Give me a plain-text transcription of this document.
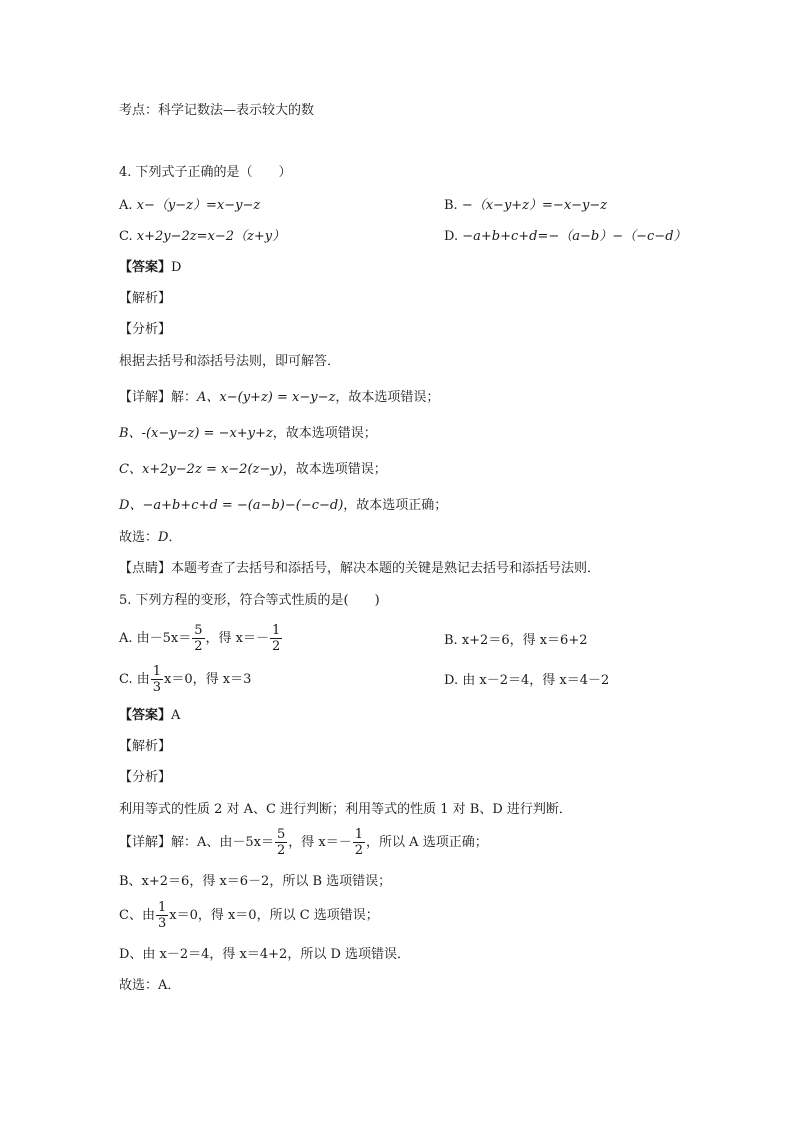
考点：科学记数法—表示较大的数
4. 下列式子正确的是（　　）
A. x−（y−z）=x−y−z	B. −（x−y+z）=−x−y−z
C. x+2y−2z=x−2（z+y）	D. −a+b+c+d=−（a−b）−（−c−d）
【答案】D
【解析】
【分析】
根据去括号和添括号法则，即可解答．
【详解】解：A、x−(y+z) = x−y−z，故本选项错误；
B、-(x−y−z) = −x+y+z，故本选项错误；
C、x+2y−2z = x−2(z−y)，故本选项错误；
D、−a+b+c+d = −(a−b)−(−c−d)，故本选项正确；
故选：D．
【点睛】本题考查了去括号和添括号，解决本题的关键是熟记去括号和添括号法则．
5. 下列方程的变形，符合等式性质的是(　　)
A. 由$-5x= \frac{5}{2}$ ，得 $x=- \frac{1}{2}$	B. x+2＝6，得 x＝6+2
C. 由 $\frac{1}{3} x=0$，得 x＝3	D. 由 x－2＝4，得 x＝4－2
【答案】A
【解析】
【分析】
利用等式的性质 2 对 A、C 进行判断；利用等式的性质 1 对 B、D 进行判断．
【详解】解：A、由$-5x= \frac{5}{2}$ ，得 $x=- \frac{1}{2}$ ，所以 A 选项正确；
B、x+2＝6，得 x＝6－2，所以 B 选项错误；
C、由 $\frac{1}{3} x=0$，得 x＝0，所以 C 选项错误；
D、由 x－2＝4，得 x＝4+2，所以 D 选项错误．
故选：A．
